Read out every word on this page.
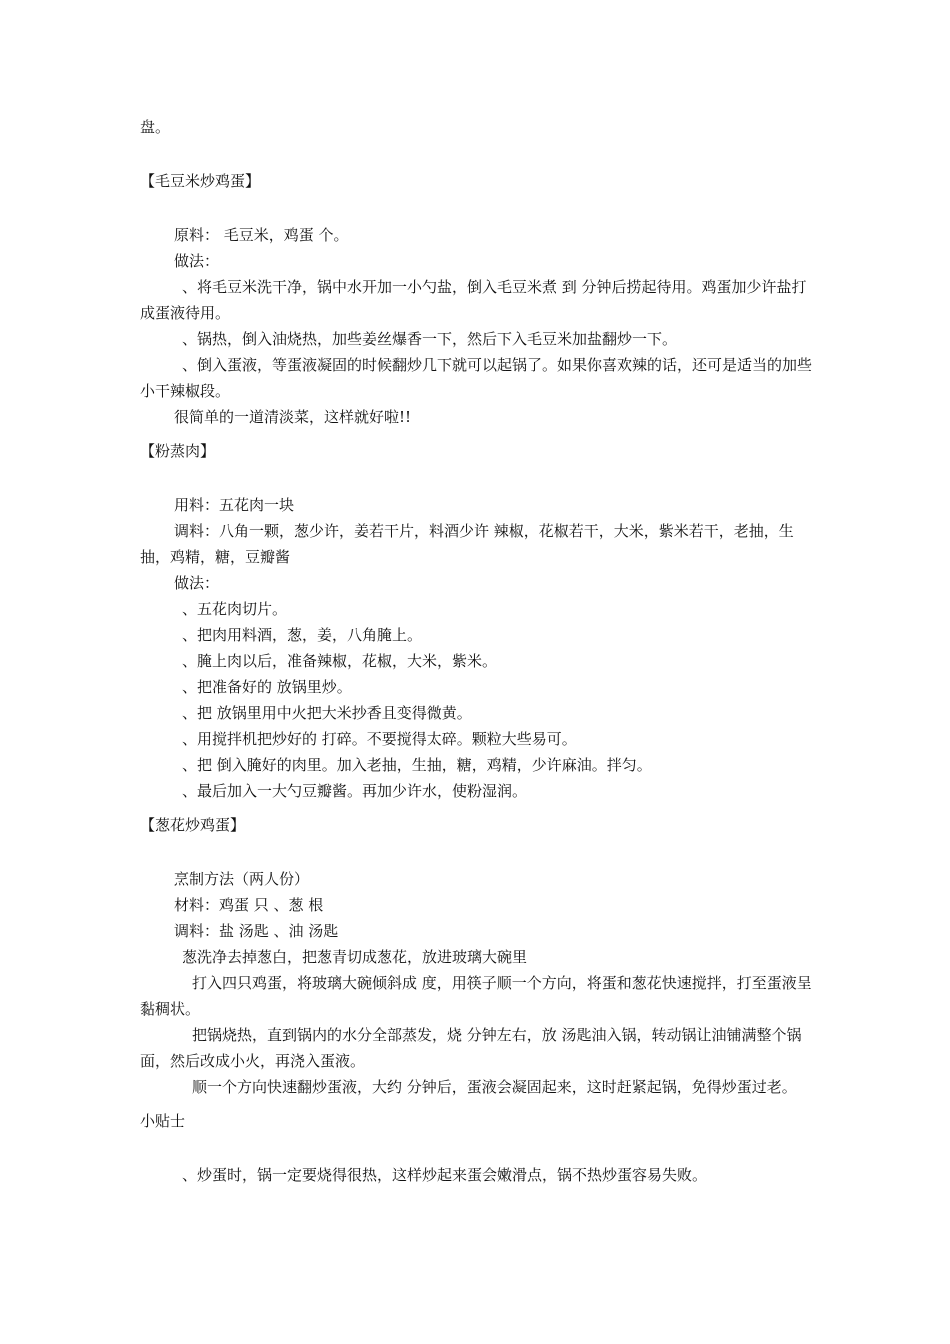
盘。

【毛豆米炒鸡蛋】

原料： 毛豆米，鸡蛋 个。

做法：

、将毛豆米洗干净，锅中水开加一小勺盐，倒入毛豆米煮 到 分钟后捞起待用。鸡蛋加少许盐打成蛋液待用。

、锅热，倒入油烧热，加些姜丝爆香一下，然后下入毛豆米加盐翻炒一下。

、倒入蛋液，等蛋液凝固的时候翻炒几下就可以起锅了。如果你喜欢辣的话，还可是适当的加些小干辣椒段。

很简单的一道清淡菜，这样就好啦!!

【粉蒸肉】

用料：五花肉一块

调料：八角一颗，葱少许，姜若干片，料酒少许 辣椒，花椒若干，大米，紫米若干，老抽，生抽，鸡精，糖，豆瓣酱

做法：

、五花肉切片。

、把肉用料酒，葱，姜，八角腌上。

、腌上肉以后，准备辣椒，花椒，大米，紫米。

、把准备好的 放锅里炒。

、把 放锅里用中火把大米抄香且变得微黄。

、用搅拌机把炒好的 打碎。不要搅得太碎。颗粒大些易可。

、把 倒入腌好的肉里。加入老抽，生抽，糖，鸡精，少许麻油。拌匀。

、最后加入一大勺豆瓣酱。再加少许水，使粉湿润。

【葱花炒鸡蛋】

烹制方法（两人份）

材料：鸡蛋 只 、葱 根

调料：盐 汤匙 、油 汤匙

葱洗净去掉葱白，把葱青切成葱花，放进玻璃大碗里

打入四只鸡蛋，将玻璃大碗倾斜成 度，用筷子顺一个方向，将蛋和葱花快速搅拌，打至蛋液呈黏稠状。

把锅烧热，直到锅内的水分全部蒸发，烧 分钟左右，放 汤匙油入锅，转动锅让油铺满整个锅面，然后改成小火，再浇入蛋液。

顺一个方向快速翻炒蛋液，大约 分钟后，蛋液会凝固起来，这时赶紧起锅，免得炒蛋过老。

小贴士

、炒蛋时，锅一定要烧得很热，这样炒起来蛋会嫩滑点，锅不热炒蛋容易失败。
